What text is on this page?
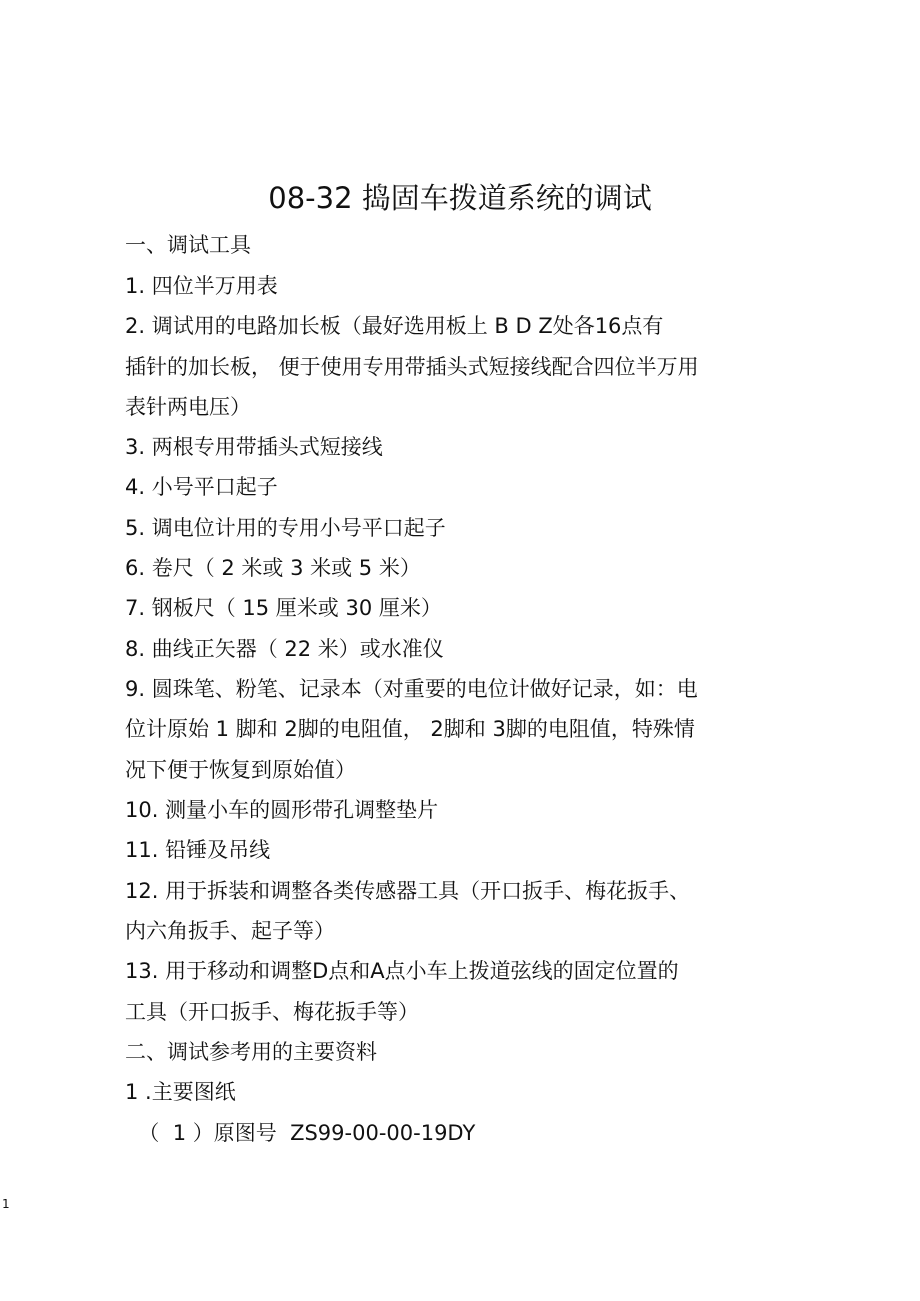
08-32 捣固车拨道系统的调试
一、调试工具
1. 四位半万用表
2. 调试用的电路加长板（最好选用板上 B D Z处各16点有
插针的加长板， 便于使用专用带插头式短接线配合四位半万用
表针两电压）
3. 两根专用带插头式短接线
4. 小号平口起子
5. 调电位计用的专用小号平口起子
6. 卷尺（ 2 米或 3 米或 5 米）
7. 钢板尺（ 15 厘米或 30 厘米）
8. 曲线正矢器（ 22 米）或水准仪
9. 圆珠笔、粉笔、记录本（对重要的电位计做好记录，如：电
位计原始 1 脚和 2脚的电阻值， 2脚和 3脚的电阻值，特殊情
况下便于恢复到原始值）
10. 测量小车的圆形带孔调整垫片
11. 铅锤及吊线
12. 用于拆装和调整各类传感器工具（开口扳手、梅花扳手、
内六角扳手、起子等）
13. 用于移动和调整D点和A点小车上拨道弦线的固定位置的
工具（开口扳手、梅花扳手等）
二、调试参考用的主要资料
1 .主要图纸
（  1 ）原图号  ZS99-00-00-19DY
1
